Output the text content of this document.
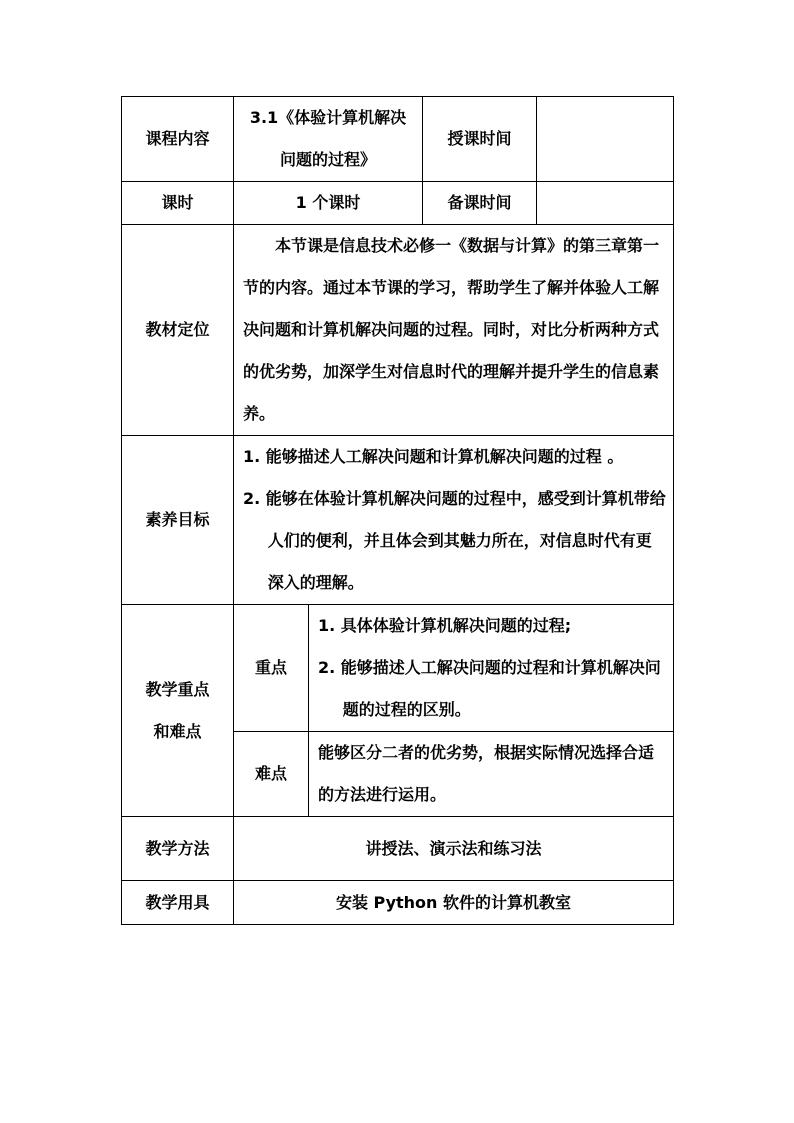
课程内容	3.1《体验计算机解决问题的过程》		授课时间	
课时	1 个课时		备课时间	
教材定位	本节课是信息技术必修一《数据与计算》的第三章第一节的内容。通过本节课的学习，帮助学生了解并体验人工解决问题和计算机解决问题的过程。同时，对比分析两种方式的优劣势，加深学生对信息时代的理解并提升学生的信息素养。			
素养目标	1. 能够描述人工解决问题和计算机解决问题的过程 。
2. 能够在体验计算机解决问题的过程中，感受到计算机带给人们的便利，并且体会到其魅力所在，对信息时代有更深入的理解。			

教学重点和难点	重点	1. 具体体验计算机解决问题的过程;
2. 能够描述人工解决问题的过程和计算机解决问题的过程的区别。		

	难点	能够区分二者的优劣势，根据实际情况选择合适的方法进行运用。		
教学方法	讲授法、演示法和练习法			
教学用具	安装 Python 软件的计算机教室			
